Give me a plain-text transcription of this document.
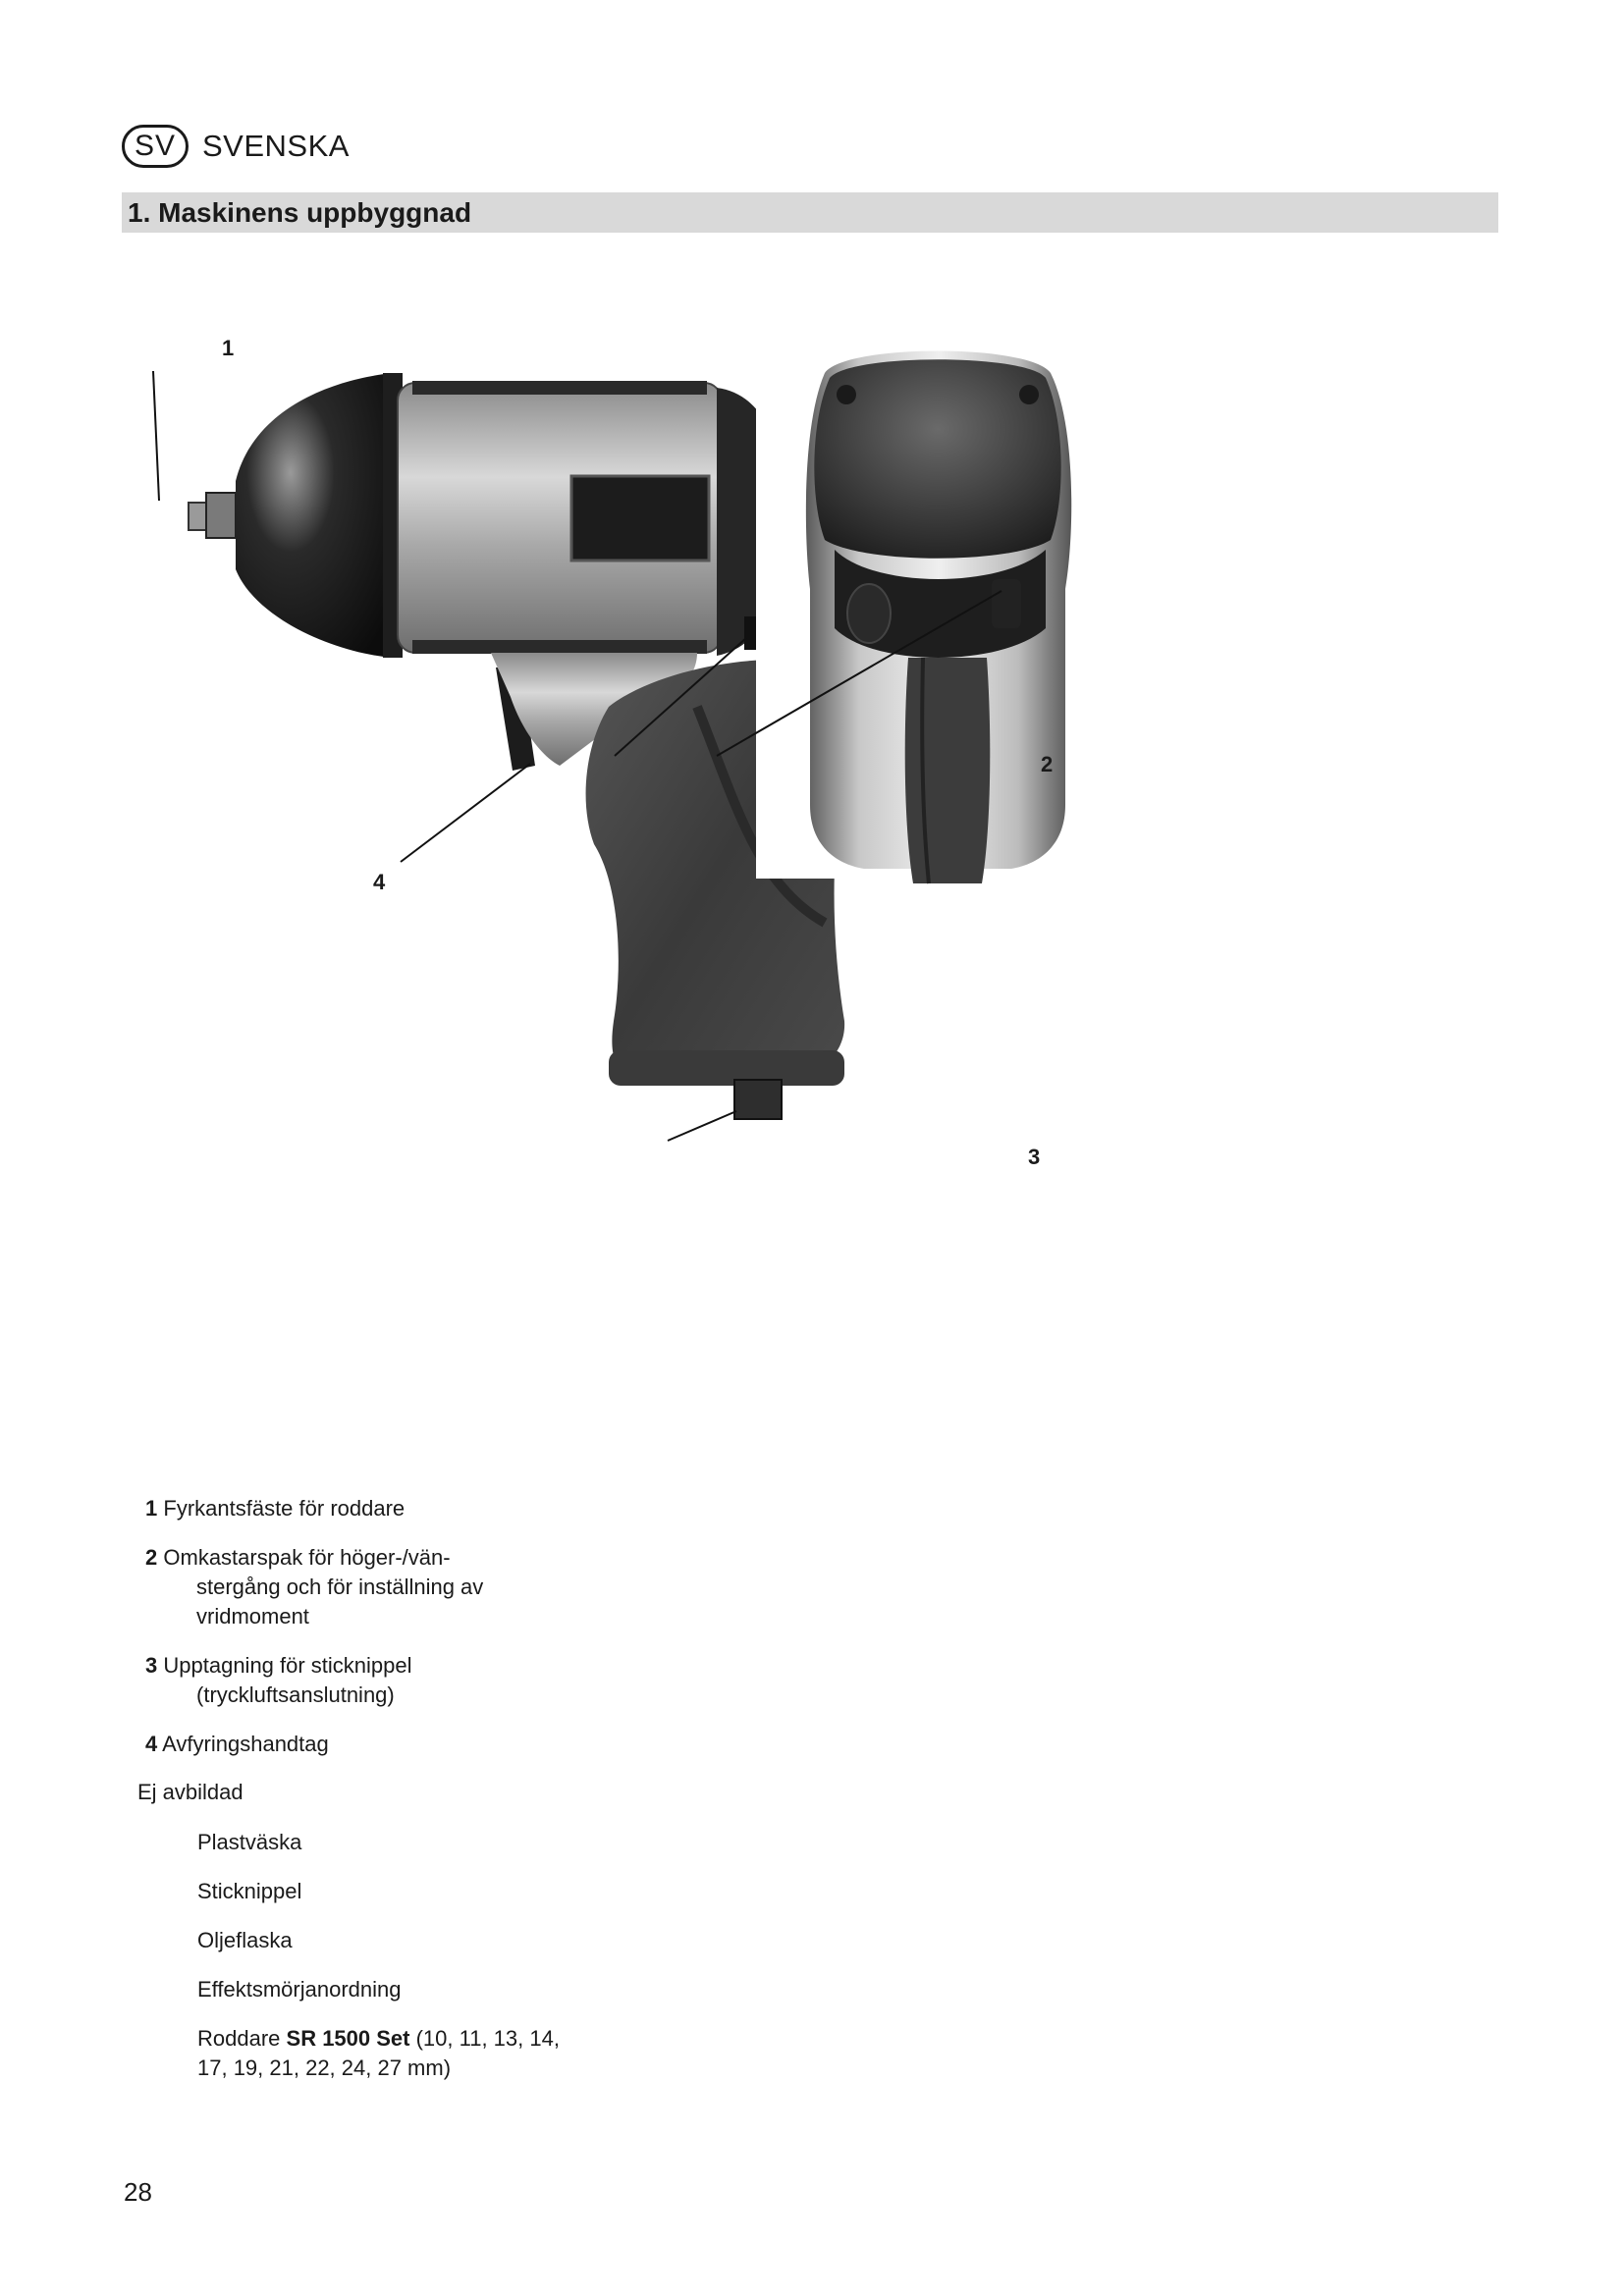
SV SVENSKA
1. Maskinens uppbyggnad
1
2
3
4
1 Fyrkantsfäste för roddare
2 Omkastarspak för höger-/vän-
stergång och för inställning av vridmoment
3 Upptagning för sticknippel
(tryckluftsanslutning)
4 Avfyringshandtag
Ej avbildad
Plastväska
Sticknippel
Oljeflaska
Effektsmörjanordning
Roddare SR 1500 Set (10, 11, 13, 14, 17, 19, 21, 22, 24, 27 mm)
28
